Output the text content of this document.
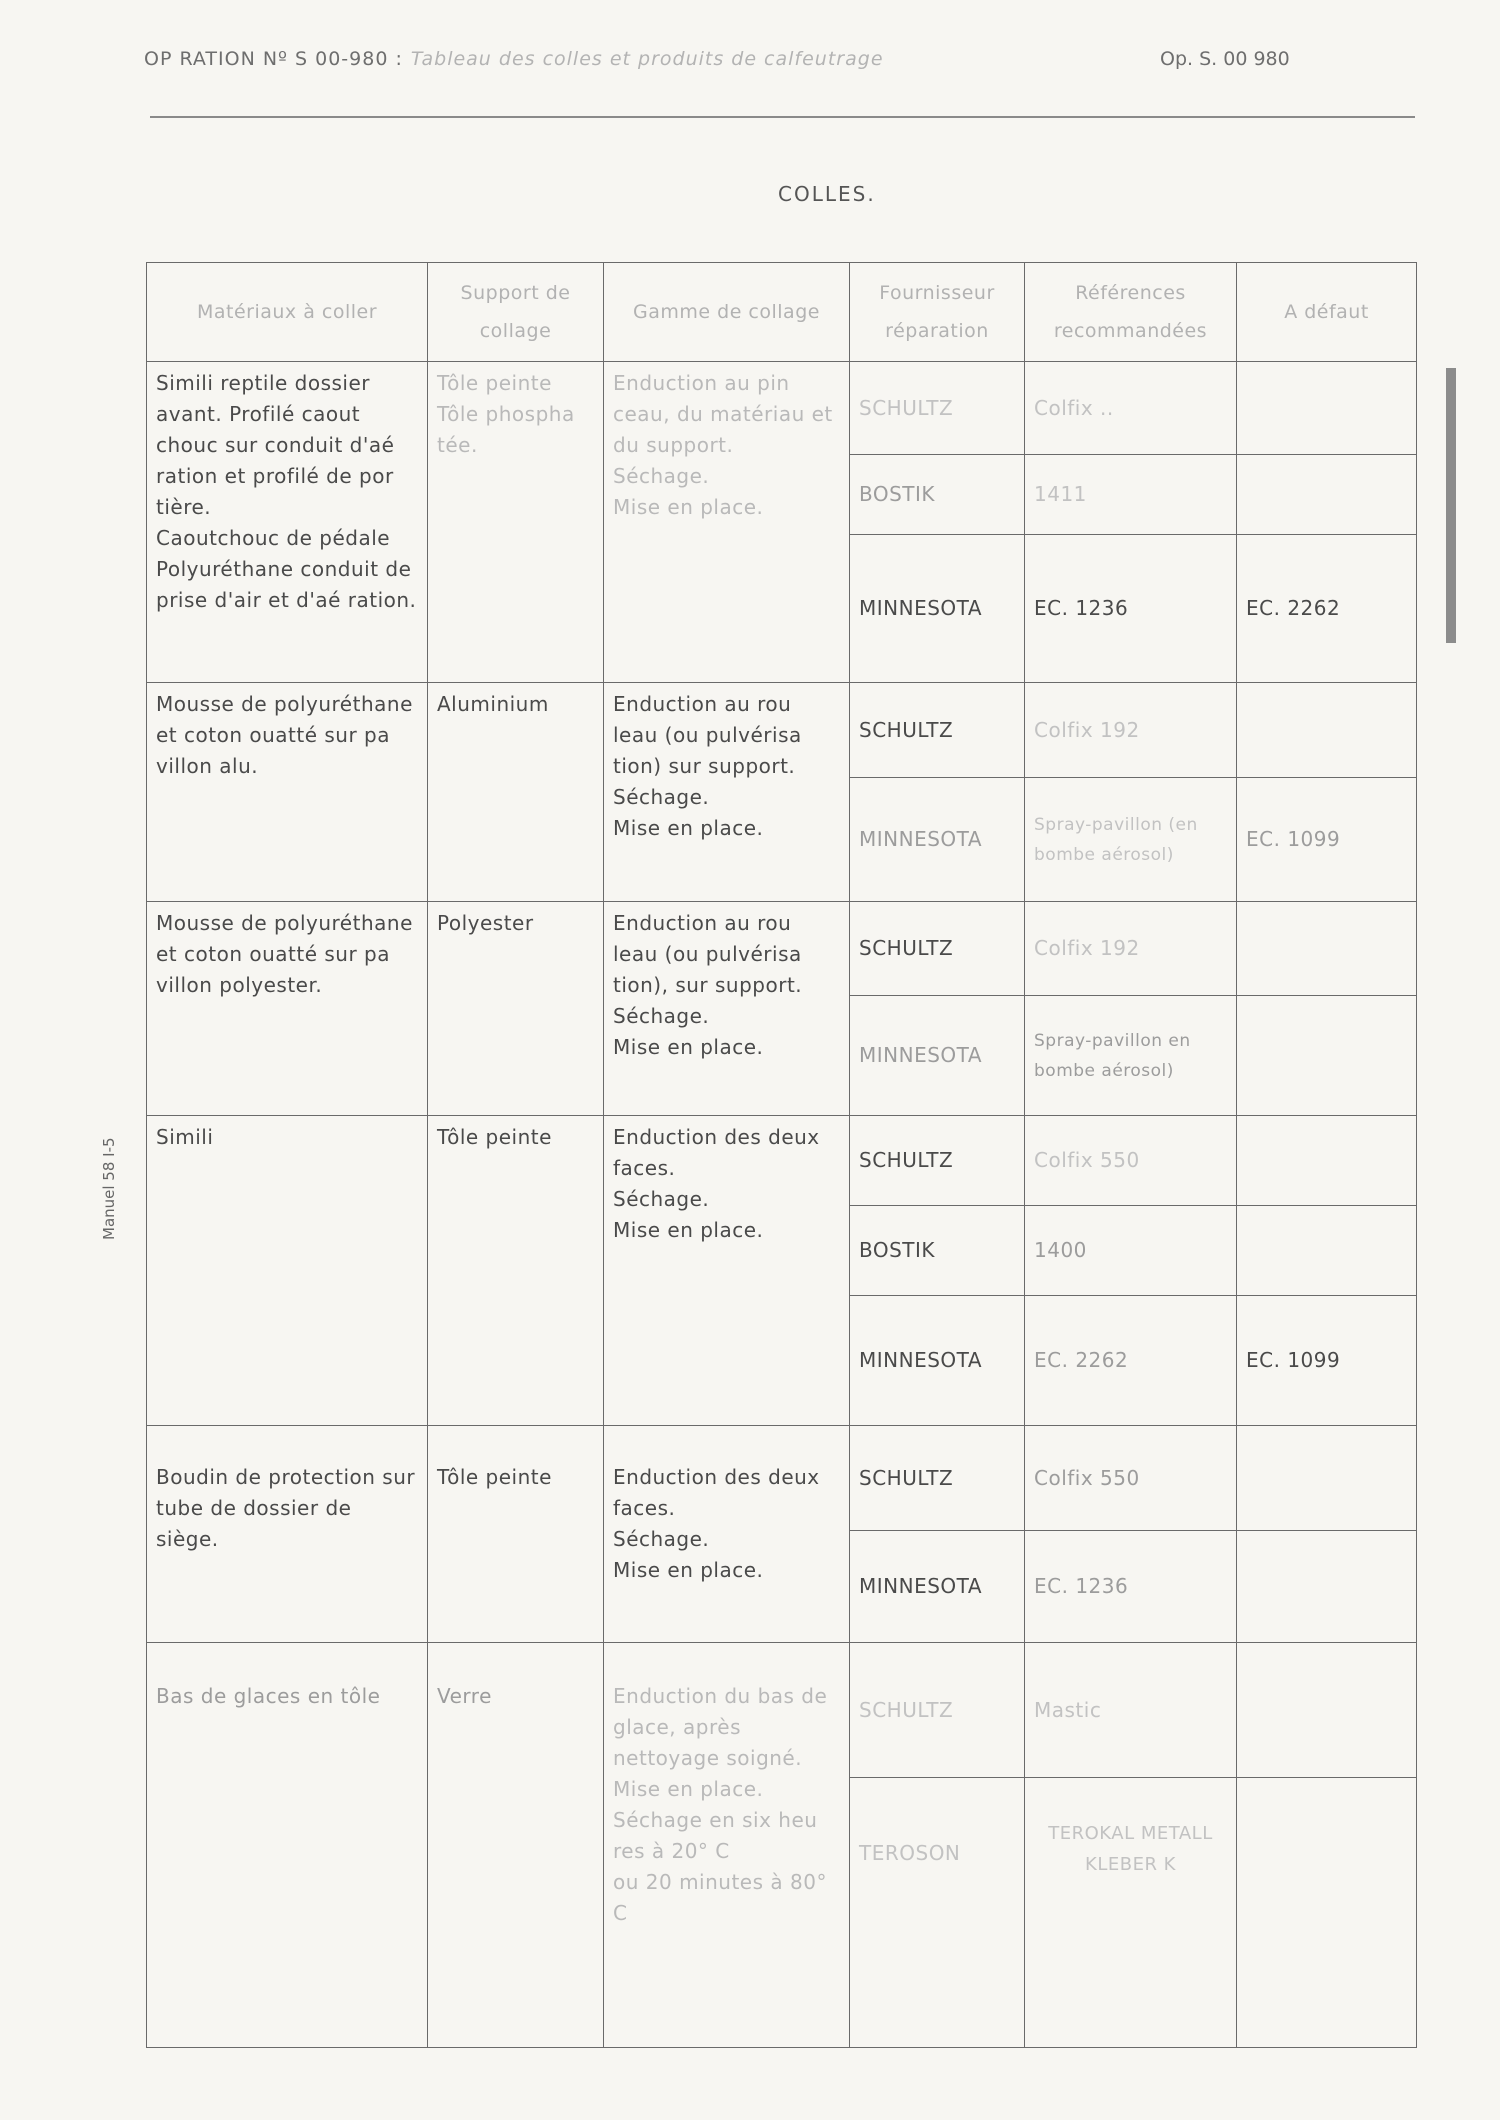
OP RATION Nº S 00-980 : Tableau des colles et produits de calfeutrage	Op. S. 00 980
COLLES.
Manuel 58 I-5
Matériaux à coller	Support de collage	Gamme de collage	Fournisseur réparation	Références recommandées	A défaut
Simili reptile dossier avant. Profilé caout chouc sur conduit d'aé ration et profilé de por tière.
Caoutchouc de pédale
Polyuréthane conduit de prise d'air et d'aé ration.	Tôle peinte
Tôle phospha tée.	Enduction au pin ceau, du matériau et du support.
Séchage.
Mise en place.	SCHULTZ	Colfix ..	
			BOSTIK	1411	
			MINNESOTA	EC. 1236	EC. 2262
Mousse de polyuréthane et coton ouatté sur pa villon alu.	Aluminium	Enduction au rou leau (ou pulvérisa tion) sur support.
Séchage.
Mise en place.	SCHULTZ	Colfix 192	
			MINNESOTA	Spray-pavillon (en bombe aérosol)	EC. 1099
Mousse de polyuréthane et coton ouatté sur pa villon polyester.	Polyester	Enduction au rou leau (ou pulvérisa tion), sur support.
Séchage.
Mise en place.	SCHULTZ	Colfix 192	
			MINNESOTA	Spray-pavillon en bombe aérosol)	
Simili	Tôle peinte	Enduction des deux faces.
Séchage.
Mise en place.	SCHULTZ	Colfix 550	
			BOSTIK	1400	
			MINNESOTA	EC. 2262	EC. 1099
Boudin de protection sur tube de dossier de siège.	Tôle peinte	Enduction des deux faces.
Séchage.
Mise en place.	SCHULTZ	Colfix 550	
			MINNESOTA	EC. 1236	
Bas de glaces en tôle	Verre	Enduction du bas de glace, après nettoyage soigné.
Mise en place.
Séchage en six heu res à 20° C
ou 20 minutes à 80° C	SCHULTZ	Mastic	
			TEROSON	TEROKAL METALL KLEBER K	
